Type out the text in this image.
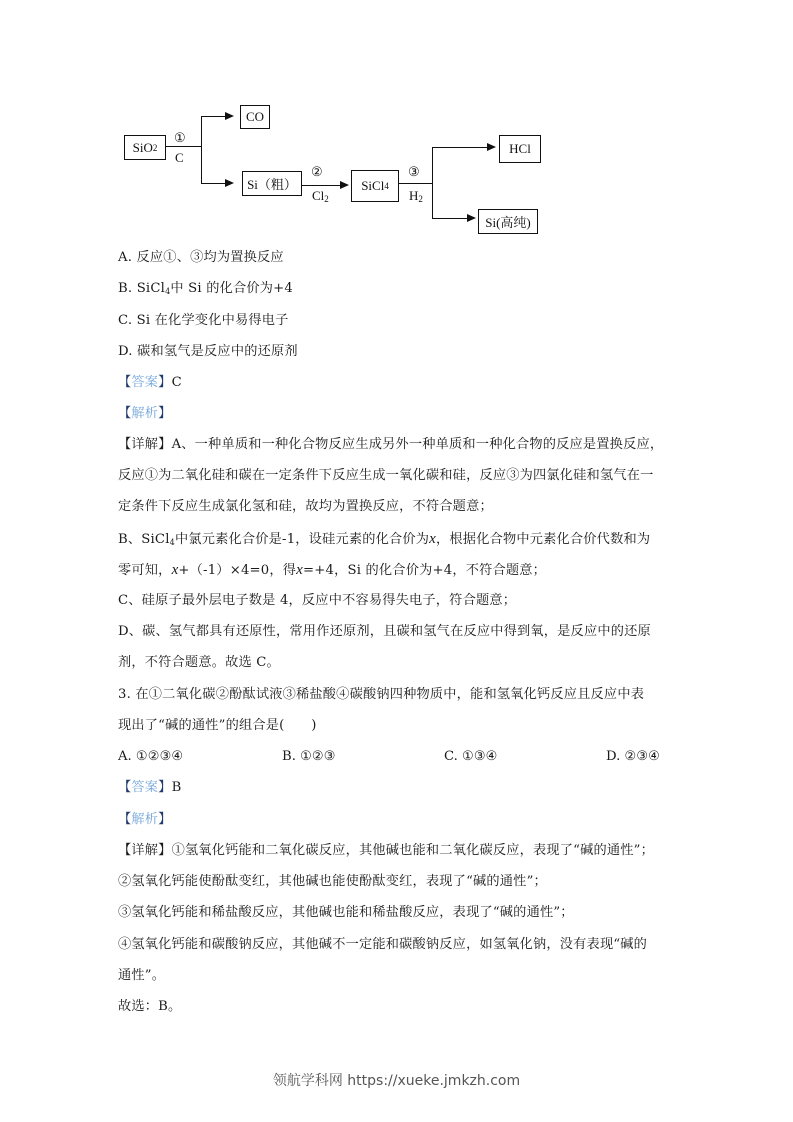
SiO 2
①
C
CO
Si（粗）
②
$Cl_2$
SiCl 4
③
$H_2$
HCl
Si(高纯)
A. 反应①、③均为置换反应
B. SiCl4中 Si 的化合价为+4
C. Si 在化学变化中易得电子
D. 碳和氢气是反应中的还原剂
【答案】C
【解析】
【详解】A、一种单质和一种化合物反应生成另外一种单质和一种化合物的反应是置换反应，
反应①为二氧化硅和碳在一定条件下反应生成一氧化碳和硅，反应③为四氯化硅和氢气在一
定条件下反应生成氯化氢和硅，故均为置换反应，不符合题意；
B、SiCl4中氯元素化合价是-1，设硅元素的化合价为x，根据化合物中元素化合价代数和为
零可知，x+（-1）×4=0，得x=+4，Si 的化合价为+4，不符合题意；
C、硅原子最外层电子数是 4，反应中不容易得失电子，符合题意；
D、碳、氢气都具有还原性，常用作还原剂，且碳和氢气在反应中得到氧，是反应中的还原
剂，不符合题意。故选 C。
3. 在①二氧化碳②酚酞试液③稀盐酸④碳酸钠四种物质中，能和氢氧化钙反应且反应中表
现出了“碱的通性”的组合是(　　)
A. ①②③④	B. ①②③	C. ①③④	D. ②③④
【答案】B
【解析】
【详解】①氢氧化钙能和二氧化碳反应，其他碱也能和二氧化碳反应，表现了“碱的通性”；
②氢氧化钙能使酚酞变红，其他碱也能使酚酞变红，表现了“碱的通性”；
③氢氧化钙能和稀盐酸反应，其他碱也能和稀盐酸反应，表现了“碱的通性”；
④氢氧化钙能和碳酸钠反应，其他碱不一定能和碳酸钠反应，如氢氧化钠，没有表现“碱的
通性”。
故选：B。
领航学科网 https://xueke.jmkzh.com
